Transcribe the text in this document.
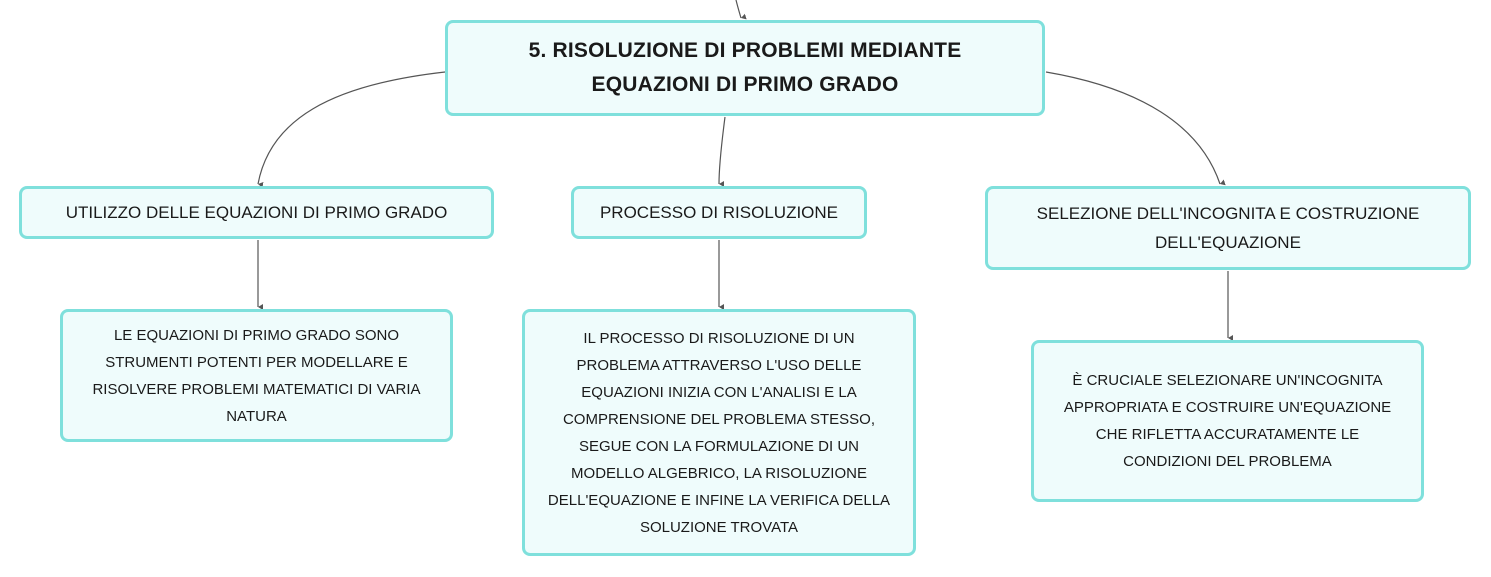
5. RISOLUZIONE DI PROBLEMI MEDIANTE
EQUAZIONI DI PRIMO GRADO
UTILIZZO DELLE EQUAZIONI DI PRIMO GRADO	PROCESSO DI RISOLUZIONE	SELEZIONE DELL'INCOGNITA E COSTRUZIONE
DELL'EQUAZIONE
LE EQUAZIONI DI PRIMO GRADO SONO
STRUMENTI POTENTI PER MODELLARE E
RISOLVERE PROBLEMI MATEMATICI DI VARIA
NATURA
IL PROCESSO DI RISOLUZIONE DI UN
PROBLEMA ATTRAVERSO L'USO DELLE
EQUAZIONI INIZIA CON L'ANALISI E LA
COMPRENSIONE DEL PROBLEMA STESSO,
SEGUE CON LA FORMULAZIONE DI UN
MODELLO ALGEBRICO, LA RISOLUZIONE
DELL'EQUAZIONE E INFINE LA VERIFICA DELLA
SOLUZIONE TROVATA
È CRUCIALE SELEZIONARE UN'INCOGNITA
APPROPRIATA E COSTRUIRE UN'EQUAZIONE
CHE RIFLETTA ACCURATAMENTE LE
CONDIZIONI DEL PROBLEMA
